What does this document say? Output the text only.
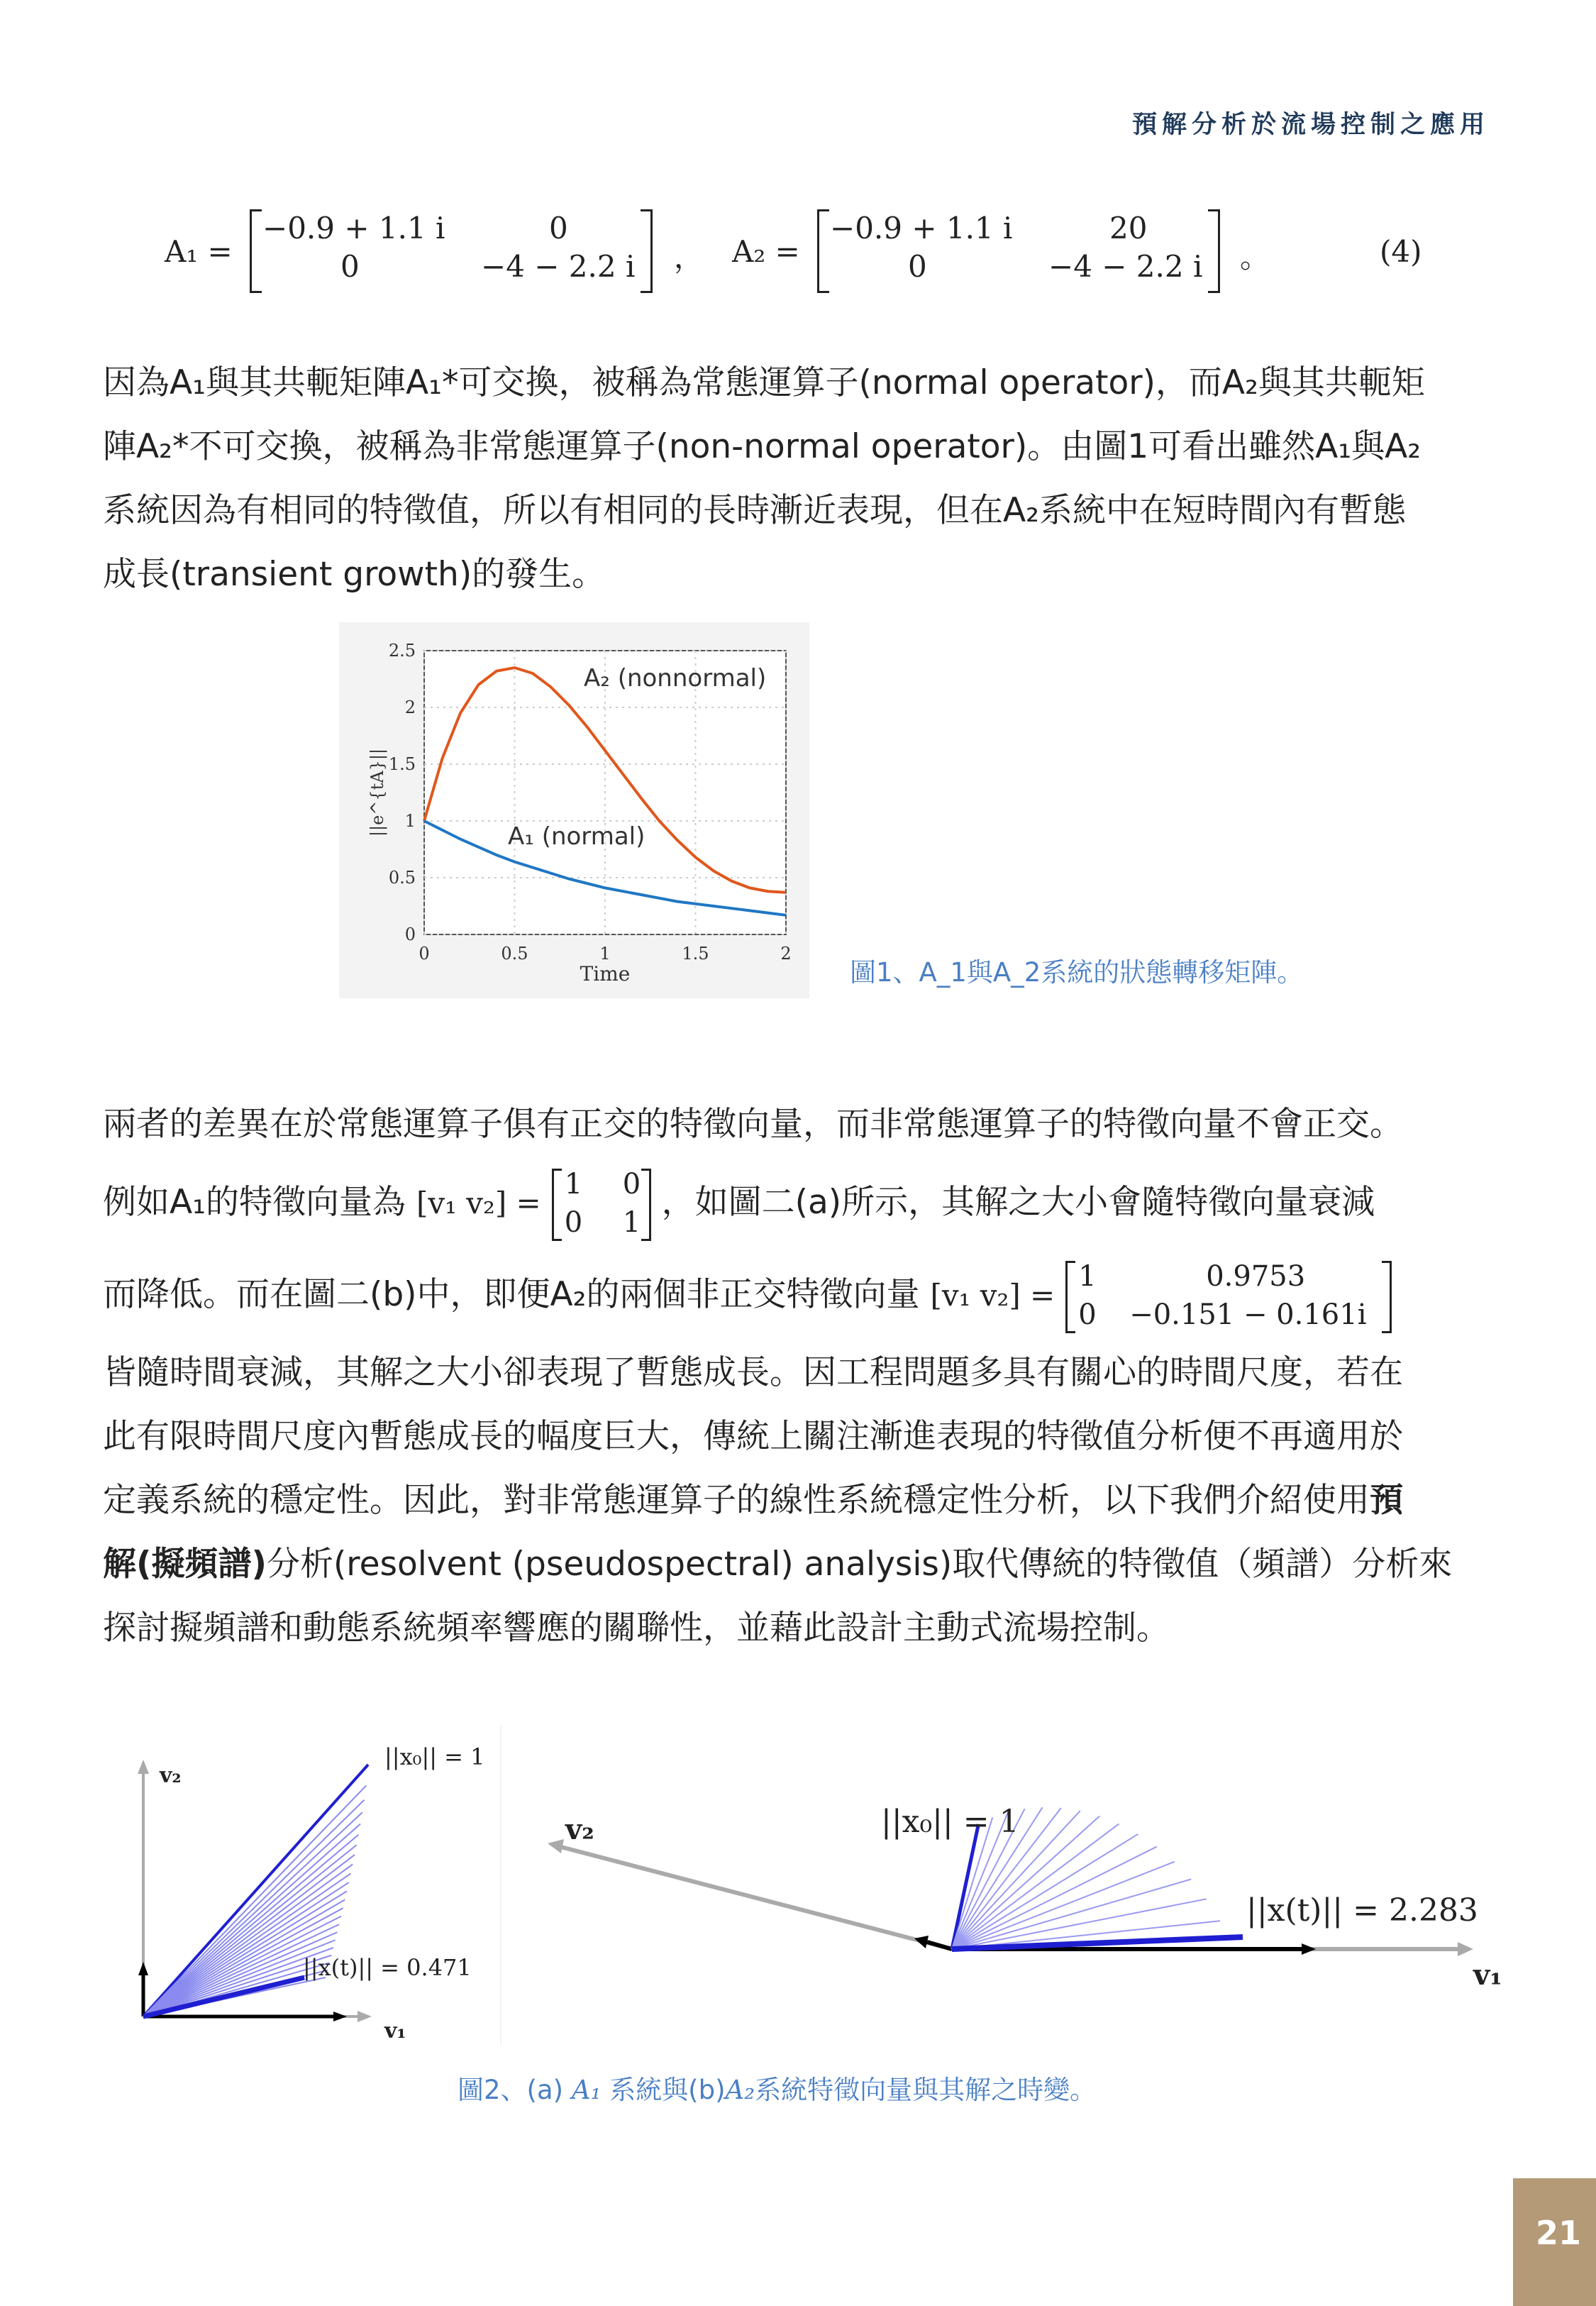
預解分析於流場控制之應用
A₁ =
−0.9 + 1.1 i	0
0	−4 − 2.2 i ， A₂ =
−0.9 + 1.1 i	20
0	−4 − 2.2 i 。	(4)

因為A₁與其共軛矩陣A₁*可交換，被稱為常態運算子(normal operator)，而A₂與其共軛矩

陣A₂*不可交換，被稱為非常態運算子(non-normal operator)。由圖1可看出雖然A₁與A₂

系統因為有相同的特徵值，所以有相同的長時漸近表現，但在A₂系統中在短時間內有暫態

成長(transient growth)的發生。

0	0.5	1	1.5	2
0
0.5
1
1.5
2
2.5
Time
||e^{tA}||
A₂ (nonnormal)
A₁ (normal)
圖1、A_1與A_2系統的狀態轉移矩陣。

兩者的差異在於常態運算子俱有正交的特徵向量，而非常態運算子的特徵向量不會正交。

例如A₁的特徵向量為 [v₁ v₂] =
1 0
0 1
，如圖二(a)所示，其解之大小會隨特徵向量衰減

而降低。而在圖二(b)中，即便A₂的兩個非正交特徵向量 [v₁ v₂] =
1	0.9753
0 −0.151 − 0.161i

皆隨時間衰減，其解之大小卻表現了暫態成長。因工程問題多具有關心的時間尺度，若在

此有限時間尺度內暫態成長的幅度巨大，傳統上關注漸進表現的特徵值分析便不再適用於

定義系統的穩定性。因此，對非常態運算子的線性系統穩定性分析，以下我們介紹使用預

解(擬頻譜)分析(resolvent (pseudospectral) analysis)取代傳統的特徵值（頻譜）分析來

探討擬頻譜和動態系統頻率響應的關聯性，並藉此設計主動式流場控制。

v₂
v₁
||x₀|| = 1
||x(t)|| = 0.471
v₂
v₁
||x₀|| = 1
||x(t)|| = 2.283
圖2、(a) A₁ 系統與(b)A₂系統特徵向量與其解之時變。
21
